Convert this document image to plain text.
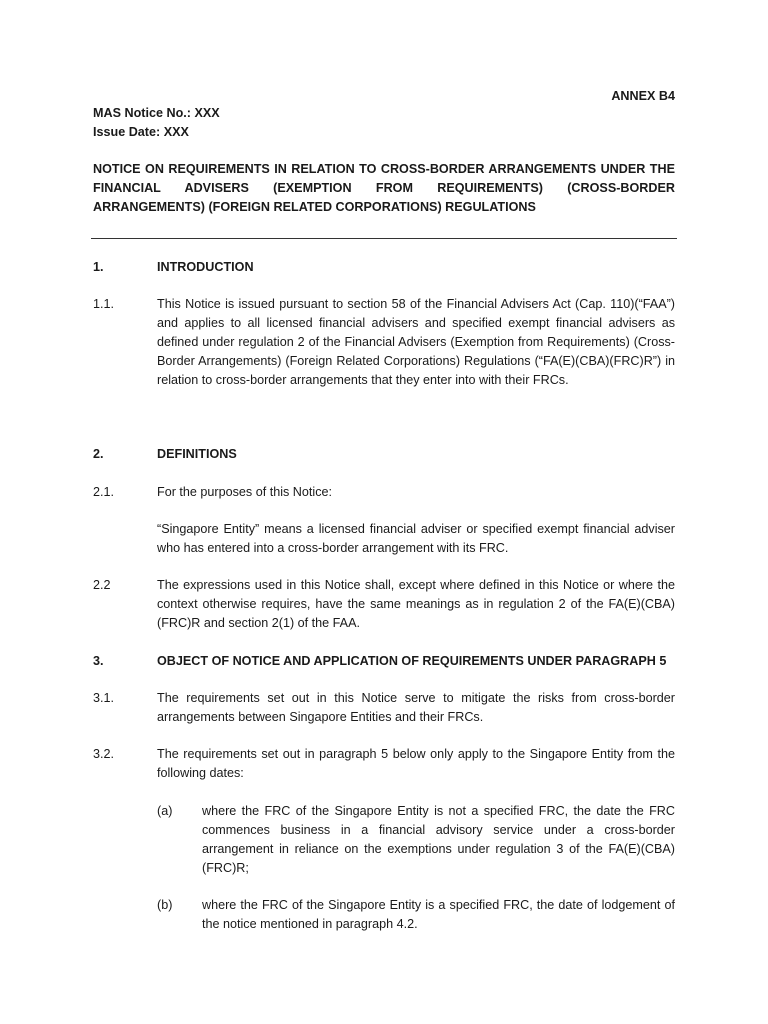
ANNEX B4
MAS Notice No.: XXX
Issue Date: XXX
NOTICE ON REQUIREMENTS IN RELATION TO CROSS-BORDER ARRANGEMENTS UNDER THE FINANCIAL ADVISERS (EXEMPTION FROM REQUIREMENTS) (CROSS-BORDER ARRANGEMENTS) (FOREIGN RELATED CORPORATIONS) REGULATIONS
1.	INTRODUCTION
1.1.	This Notice is issued pursuant to section 58 of the Financial Advisers Act (Cap. 110)(“FAA”) and applies to all licensed financial advisers and specified exempt financial advisers as defined under regulation 2 of the Financial Advisers (Exemption from Requirements) (Cross-Border Arrangements) (Foreign Related Corporations) Regulations (“FA(E)(CBA)(FRC)R”) in relation to cross-border arrangements that they enter into with their FRCs.
2.	DEFINITIONS
2.1.	For the purposes of this Notice:
“Singapore Entity” means a licensed financial adviser or specified exempt financial adviser who has entered into a cross-border arrangement with its FRC.
2.2	The expressions used in this Notice shall, except where defined in this Notice or where the context otherwise requires, have the same meanings as in regulation 2 of the FA(E)(CBA)(FRC)R and section 2(1) of the FAA.
3.	OBJECT OF NOTICE AND APPLICATION OF REQUIREMENTS UNDER PARAGRAPH 5
3.1.	The requirements set out in this Notice serve to mitigate the risks from cross-border arrangements between Singapore Entities and their FRCs.
3.2.	The requirements set out in paragraph 5 below only apply to the Singapore Entity from the following dates:
(a) where the FRC of the Singapore Entity is not a specified FRC, the date the FRC commences business in a financial advisory service under a cross-border arrangement in reliance on the exemptions under regulation 3 of the FA(E)(CBA)(FRC)R;
(b) where the FRC of the Singapore Entity is a specified FRC, the date of lodgement of the notice mentioned in paragraph 4.2.
